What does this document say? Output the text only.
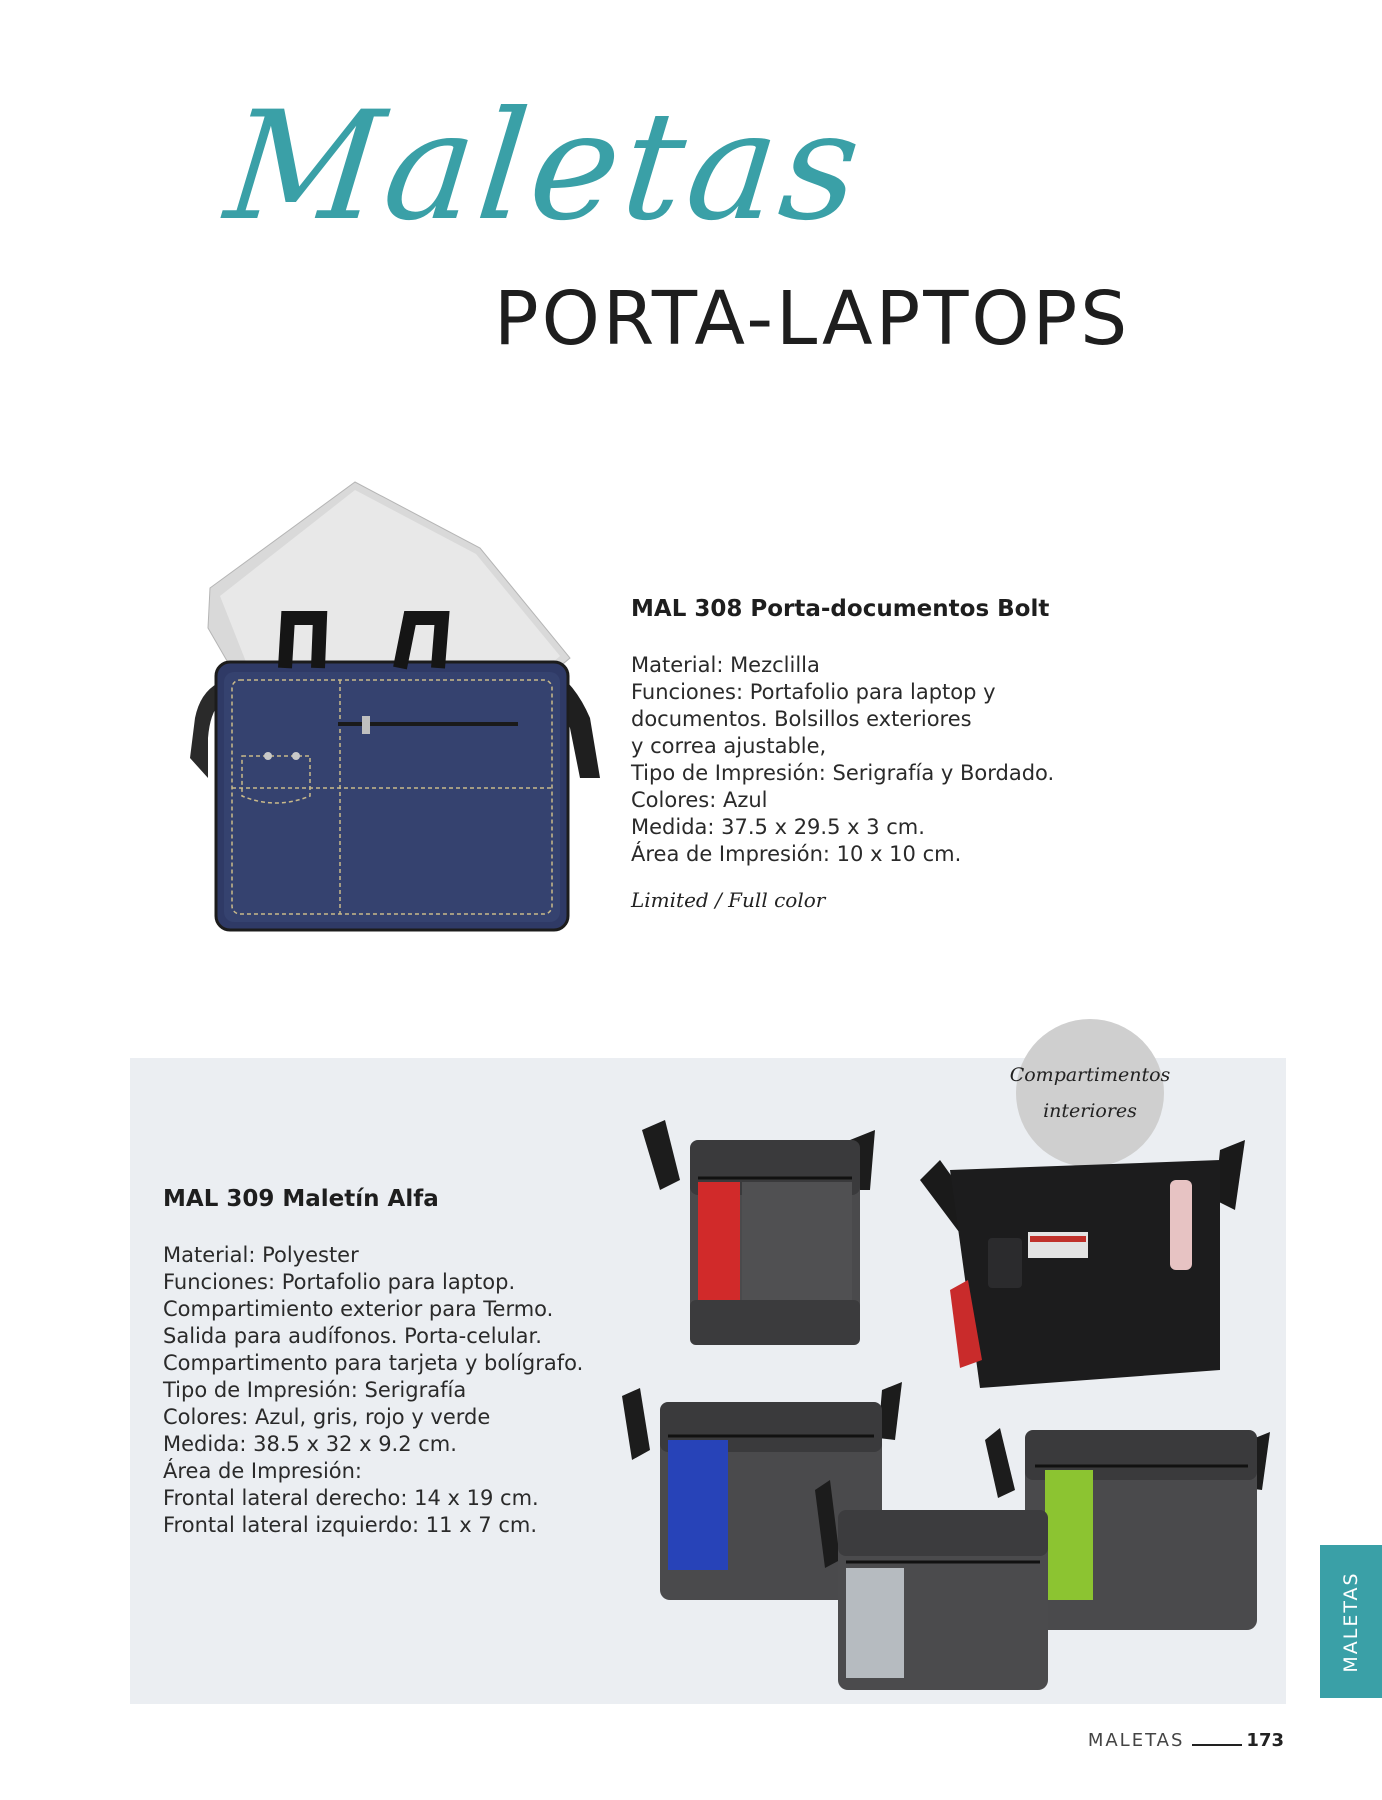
Maletas
PORTA-LAPTOPS
MAL 308 Porta-documentos Bolt
Material: Mezclilla
Funciones: Portafolio para laptop y
documentos. Bolsillos exteriores
y correa ajustable,
Tipo de Impresión: Serigrafía y Bordado.
Colores: Azul
Medida: 37.5 x 29.5 x 3 cm.
Área de Impresión: 10 x 10 cm.
Limited / Full color
MAL 309 Maletín Alfa
Material: Polyester
Funciones: Portafolio para laptop.
Compartimiento exterior para Termo.
Salida para audífonos. Porta-celular.
Compartimento para tarjeta y bolígrafo.
Tipo de Impresión: Serigrafía
Colores: Azul, gris, rojo y verde
Medida: 38.5 x 32 x 9.2 cm.
Área de Impresión:
Frontal lateral derecho: 14 x 19 cm.
Frontal lateral izquierdo: 11 x 7 cm.
Compartimentos
interiores
MALETAS
MALETAS	173
